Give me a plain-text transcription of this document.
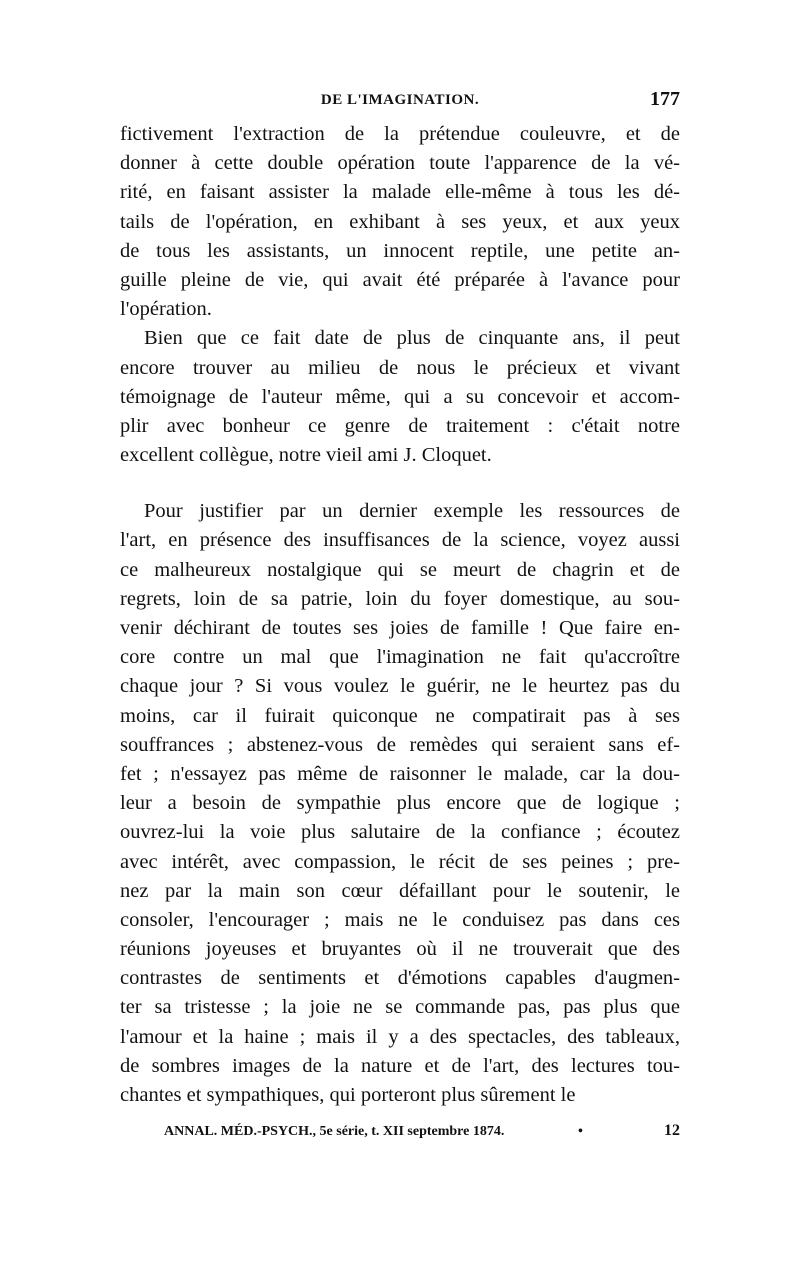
DE L'IMAGINATION.	177
fictivement l'extraction de la prétendue couleuvre, et de
donner à cette double opération toute l'apparence de la vé-
rité, en faisant assister la malade elle-même à tous les dé-
tails de l'opération, en exhibant à ses yeux, et aux yeux
de tous les assistants, un innocent reptile, une petite an-
guille pleine de vie, qui avait été préparée à l'avance pour
l'opération.
Bien que ce fait date de plus de cinquante ans, il peut
encore trouver au milieu de nous le précieux et vivant
témoignage de l'auteur même, qui a su concevoir et accom-
plir avec bonheur ce genre de traitement : c'était notre
excellent collègue, notre vieil ami J. Cloquet.
Pour justifier par un dernier exemple les ressources de
l'art, en présence des insuffisances de la science, voyez aussi
ce malheureux nostalgique qui se meurt de chagrin et de
regrets, loin de sa patrie, loin du foyer domestique, au sou-
venir déchirant de toutes ses joies de famille ! Que faire en-
core contre un mal que l'imagination ne fait qu'accroître
chaque jour ? Si vous voulez le guérir, ne le heurtez pas du
moins, car il fuirait quiconque ne compatirait pas à ses
souffrances ; abstenez-vous de remèdes qui seraient sans ef-
fet ; n'essayez pas même de raisonner le malade, car la dou-
leur a besoin de sympathie plus encore que de logique ;
ouvrez-lui la voie plus salutaire de la confiance ; écoutez
avec intérêt, avec compassion, le récit de ses peines ; pre-
nez par la main son cœur défaillant pour le soutenir, le
consoler, l'encourager ; mais ne le conduisez pas dans ces
réunions joyeuses et bruyantes où il ne trouverait que des
contrastes de sentiments et d'émotions capables d'augmen-
ter sa tristesse ; la joie ne se commande pas, pas plus que
l'amour et la haine ; mais il y a des spectacles, des tableaux,
de sombres images de la nature et de l'art, des lectures tou-
chantes et sympathiques, qui porteront plus sûrement le
ANNAL. MÉD.-PSYCH., 5e série, t. XII septembre 1874.	•	12
